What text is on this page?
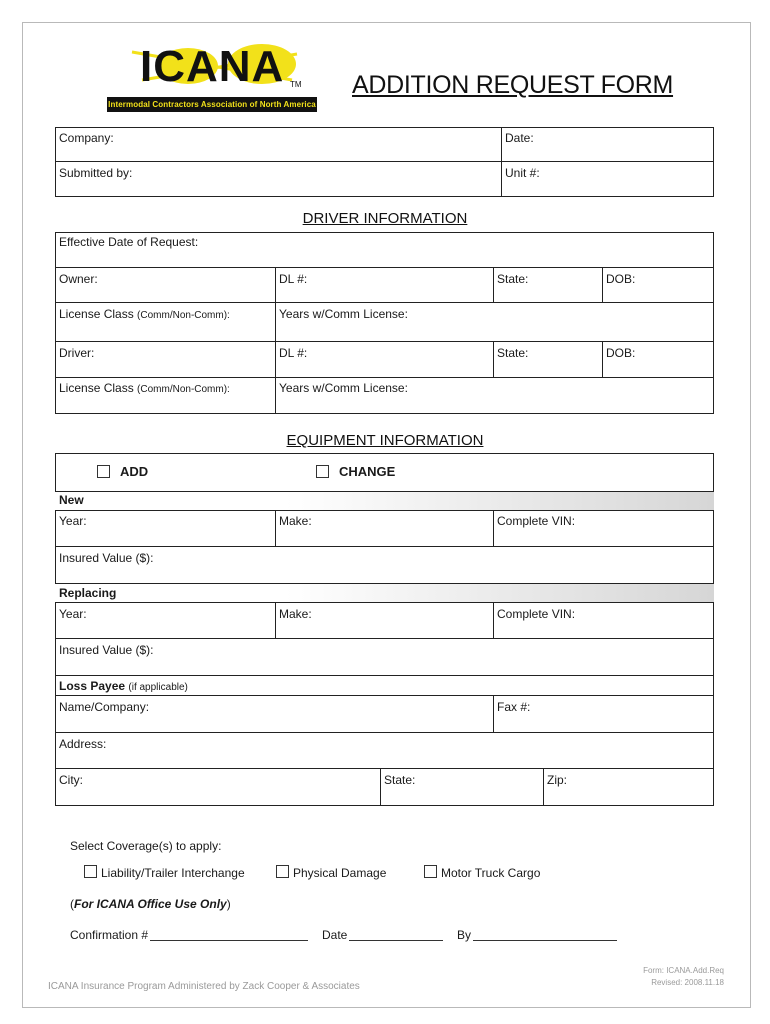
ICANA TM
Intermodal Contractors Association of North America
ADDITION REQUEST FORM
Company:	Date:
Submitted by:	Unit #:
DRIVER INFORMATION
Effective Date of Request:
Owner:	DL #:	State:	DOB:
License Class (Comm/Non-Comm):	Years w/Comm License:
Driver:	DL #:	State:	DOB:
License Class (Comm/Non-Comm):	Years w/Comm License:
EQUIPMENT INFORMATION
ADD	CHANGE
New
Year:	Make:	Complete VIN:
Insured Value ($):
Replacing
Year:	Make:	Complete VIN:
Insured Value ($):
Loss Payee (if applicable)
Name/Company:	Fax #:
Address:
City:	State:	Zip:
Select Coverage(s) to apply:
Liability/Trailer Interchange	Physical Damage	Motor Truck Cargo
(For ICANA Office Use Only)
Confirmation #	Date	By
ICANA Insurance Program Administered by Zack Cooper & Associates
Form: ICANA.Add.Req
Revised: 2008.11.18
